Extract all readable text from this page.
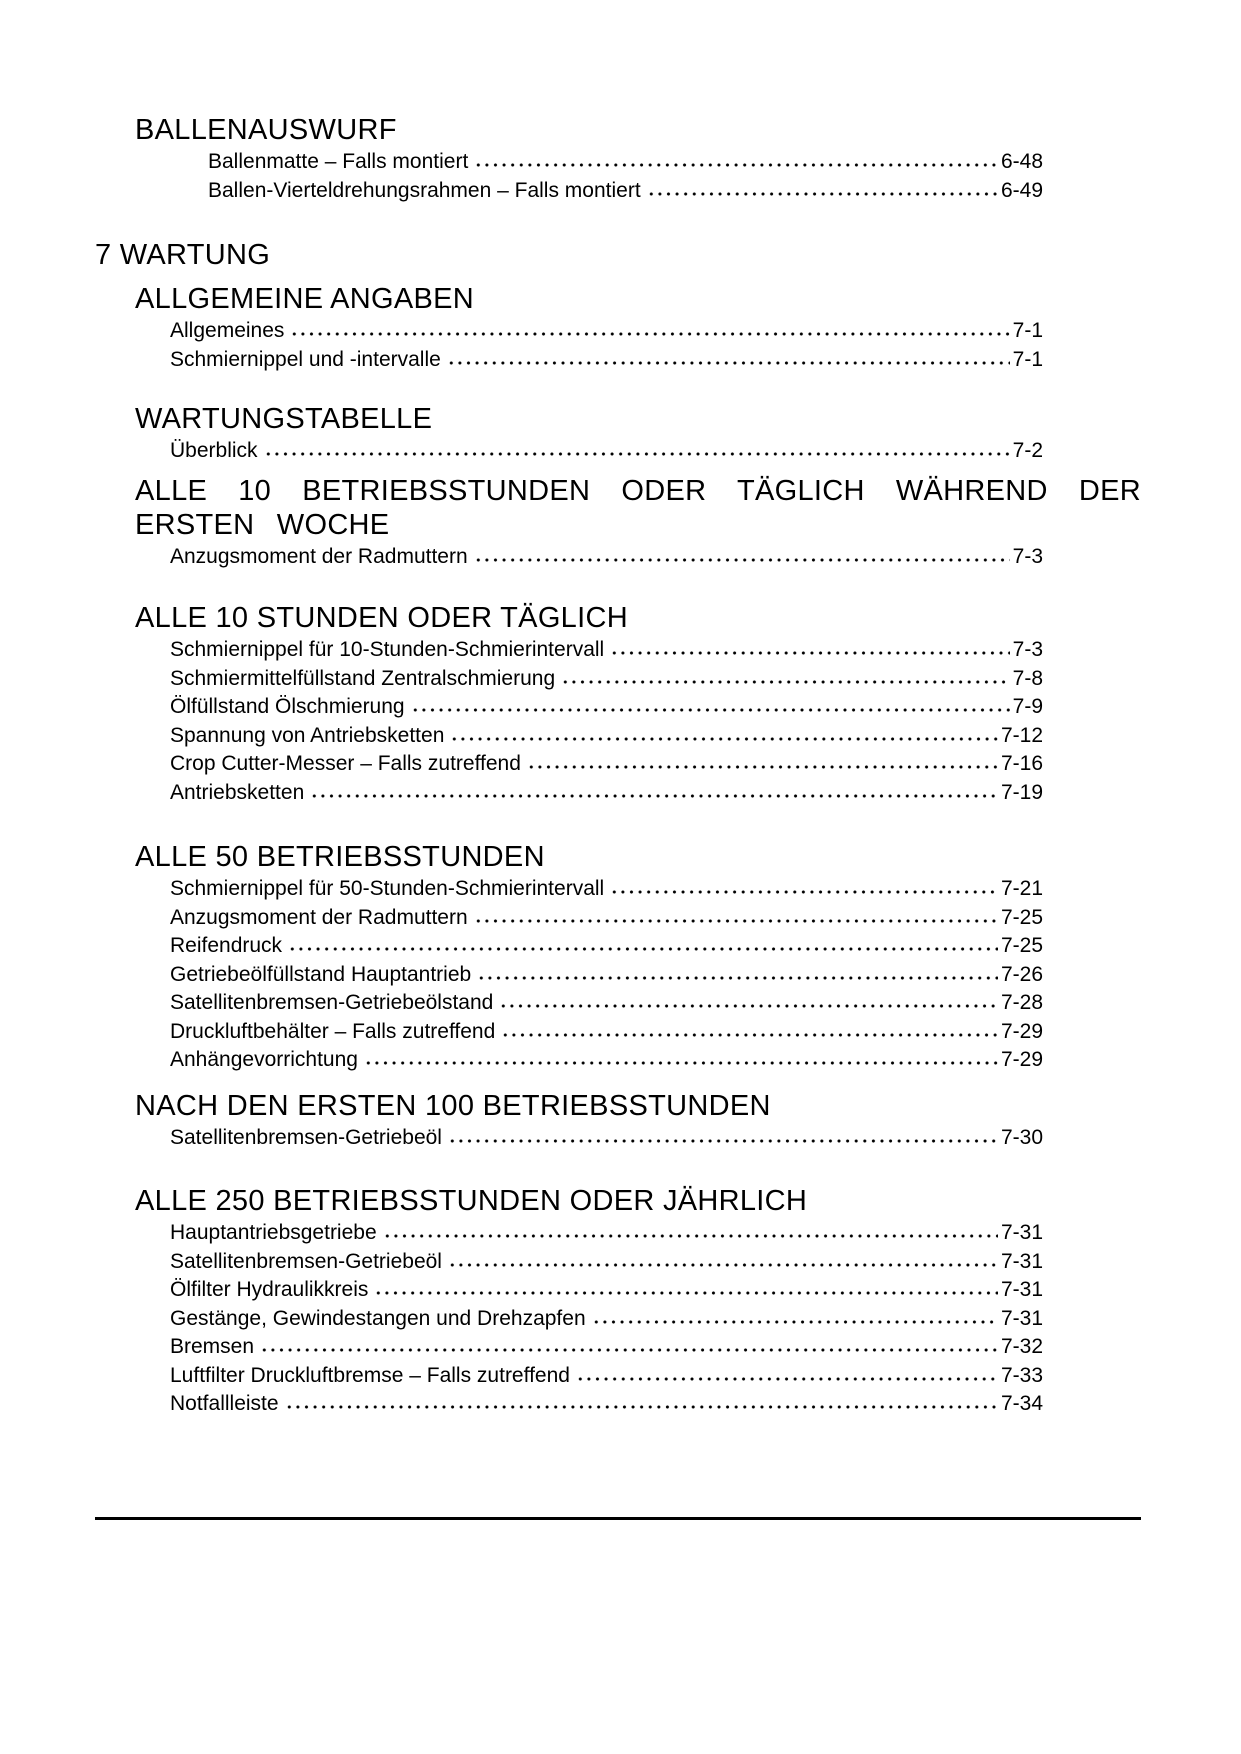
BALLENAUSWURF
Ballenmatte – Falls montiert	6-48
Ballen-Vierteldrehungsrahmen – Falls montiert	6-49
7 WARTUNG
ALLGEMEINE ANGABEN
Allgemeines	7-1
Schmiernippel und -intervalle	7-1
WARTUNGSTABELLE
Überblick	7-2
ALLE 10 BETRIEBSSTUNDEN ODER TÄGLICH WÄHREND DER ERSTEN WOCHE
Anzugsmoment der Radmuttern	7-3
ALLE 10 STUNDEN ODER TÄGLICH
Schmiernippel für 10-Stunden-Schmierintervall	7-3
Schmiermittelfüllstand Zentralschmierung	7-8
Ölfüllstand Ölschmierung	7-9
Spannung von Antriebsketten	7-12
Crop Cutter-Messer – Falls zutreffend	7-16
Antriebsketten	7-19
ALLE 50 BETRIEBSSTUNDEN
Schmiernippel für 50-Stunden-Schmierintervall	7-21
Anzugsmoment der Radmuttern	7-25
Reifendruck	7-25
Getriebeölfüllstand Hauptantrieb	7-26
Satellitenbremsen-Getriebeölstand	7-28
Druckluftbehälter – Falls zutreffend	7-29
Anhängevorrichtung	7-29
NACH DEN ERSTEN 100 BETRIEBSSTUNDEN
Satellitenbremsen-Getriebeöl	7-30
ALLE 250 BETRIEBSSTUNDEN ODER JÄHRLICH
Hauptantriebsgetriebe	7-31
Satellitenbremsen-Getriebeöl	7-31
Ölfilter Hydraulikkreis	7-31
Gestänge, Gewindestangen und Drehzapfen	7-31
Bremsen	7-32
Luftfilter Druckluftbremse – Falls zutreffend	7-33
Notfallleiste	7-34
